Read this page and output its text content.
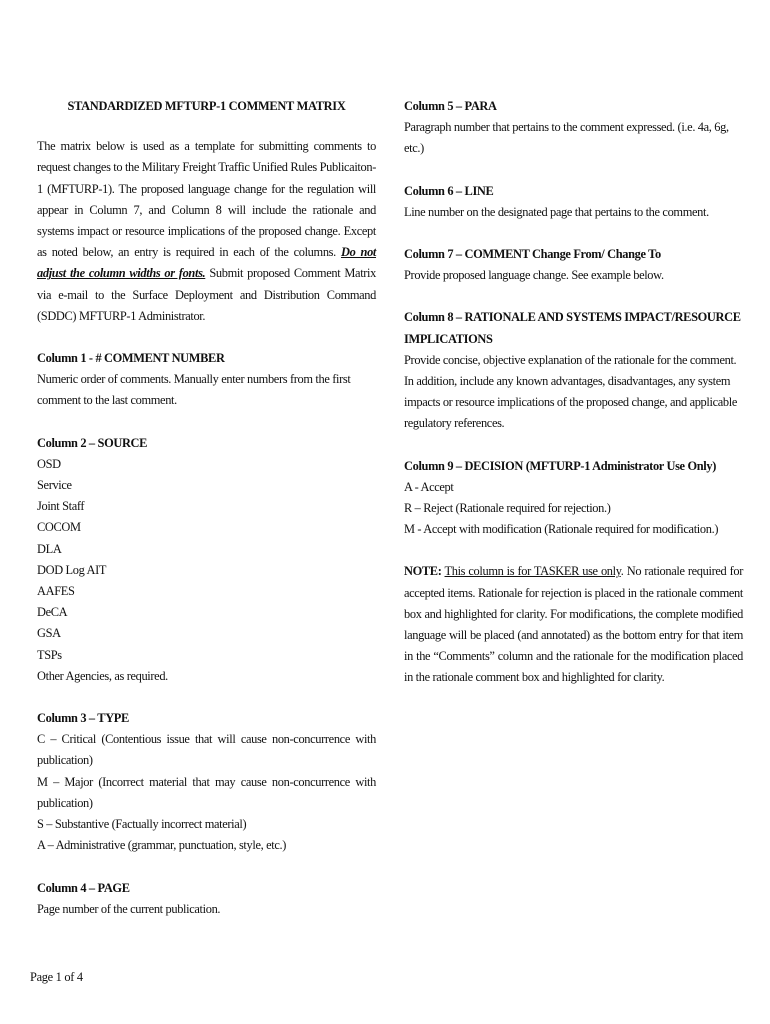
STANDARDIZED MFTURP-1 COMMENT MATRIX
The matrix below is used as a template for submitting comments to request changes to the Military Freight Traffic Unified Rules Publicaiton-1 (MFTURP-1). The proposed language change for the regulation will appear in Column 7, and Column 8 will include the rationale and systems impact or resource implications of the proposed change. Except as noted below, an entry is required in each of the columns. Do not adjust the column widths or fonts. Submit proposed Comment Matrix via e-mail to the Surface Deployment and Distribution Command (SDDC) MFTURP-1 Administrator.
Column 1 - # COMMENT NUMBER
Numeric order of comments. Manually enter numbers from the first comment to the last comment.
Column 2 – SOURCE
OSD
Service
Joint Staff
COCOM
DLA
DOD Log AIT
AAFES
DeCA
GSA
TSPs
Other Agencies, as required.
Column 3 – TYPE
C – Critical (Contentious issue that will cause non-concurrence with publication)
M – Major (Incorrect material that may cause non-concurrence with publication)
S – Substantive (Factually incorrect material)
A – Administrative (grammar, punctuation, style, etc.)
Column 4 – PAGE
Page number of the current publication.
Column 5 – PARA
Paragraph number that pertains to the comment expressed. (i.e. 4a, 6g, etc.)
Column 6 – LINE
Line number on the designated page that pertains to the comment.
Column 7 – COMMENT Change From/ Change To
Provide proposed language change. See example below.
Column 8 – RATIONALE AND SYSTEMS IMPACT/RESOURCE IMPLICATIONS
Provide concise, objective explanation of the rationale for the comment. In addition, include any known advantages, disadvantages, any system impacts or resource implications of the proposed change, and applicable regulatory references.
Column 9 – DECISION (MFTURP-1 Administrator Use Only)
A - Accept
R – Reject (Rationale required for rejection.)
M - Accept with modification (Rationale required for modification.)
NOTE: This column is for TASKER use only. No rationale required for accepted items. Rationale for rejection is placed in the rationale comment box and highlighted for clarity. For modifications, the complete modified language will be placed (and annotated) as the bottom entry for that item in the “Comments” column and the rationale for the modification placed in the rationale comment box and highlighted for clarity.
Page 1 of 4
